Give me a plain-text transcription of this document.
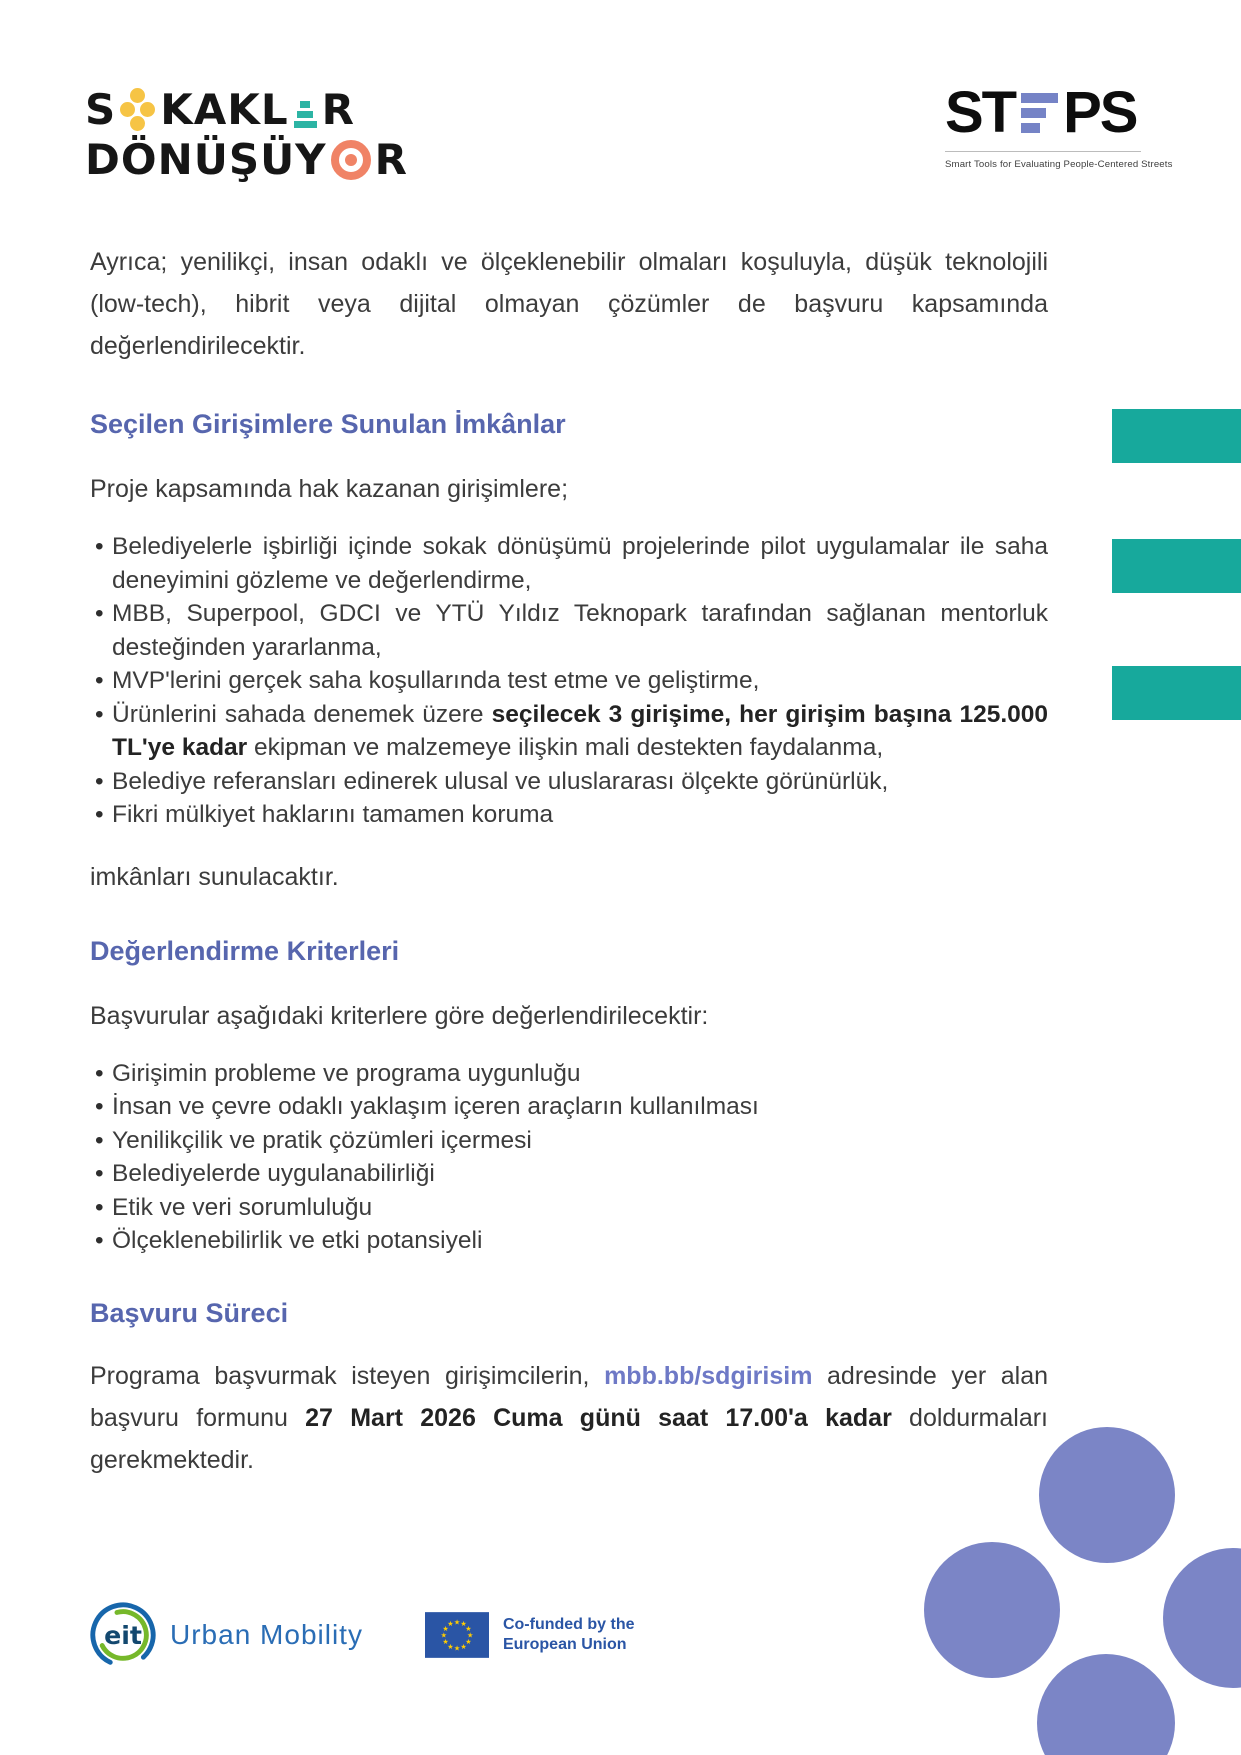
S KAKL R
DÖNÜŞÜY R
ST PS
Smart Tools for Evaluating People-Centered Streets

Ayrıca; yenilikçi, insan odaklı ve ölçeklenebilir olmaları koşuluyla, düşük teknolojili (low-tech), hibrit veya dijital olmayan çözümler de başvuru kapsamında değerlendirilecektir.

Seçilen Girişimlere Sunulan İmkânlar

Proje kapsamında hak kazanan girişimlere;

• Belediyelerle işbirliği içinde sokak dönüşümü projelerinde pilot uygulamalar ile saha deneyimini gözleme ve değerlendirme,
• MBB, Superpool, GDCI ve YTÜ Yıldız Teknopark tarafından sağlanan mentorluk desteğinden yararlanma,
• MVP'lerini gerçek saha koşullarında test etme ve geliştirme,
• Ürünlerini sahada denemek üzere seçilecek 3 girişime, her girişim başına 125.000 TL'ye kadar ekipman ve malzemeye ilişkin mali destekten faydalanma,
• Belediye referansları edinerek ulusal ve uluslararası ölçekte görünürlük,
• Fikri mülkiyet haklarını tamamen koruma

imkânları sunulacaktır.

Değerlendirme Kriterleri

Başvurular aşağıdaki kriterlere göre değerlendirilecektir:

• Girişimin probleme ve programa uygunluğu
• İnsan ve çevre odaklı yaklaşım içeren araçların kullanılması
• Yenilikçilik ve pratik çözümleri içermesi
• Belediyelerde uygulanabilirliği
• Etik ve veri sorumluluğu
• Ölçeklenebilirlik ve etki potansiyeli
Başvuru Süreci

Programa başvurmak isteyen girişimcilerin, mbb.bb/sdgirisim adresinde yer alan başvuru formunu 27 Mart 2026 Cuma günü saat 17.00'a kadar doldurmaları gerekmektedir.

eit Urban Mobility	★ ★
★
★
★
★
★
★
★
★
★
★	Co-funded by the
European Union
